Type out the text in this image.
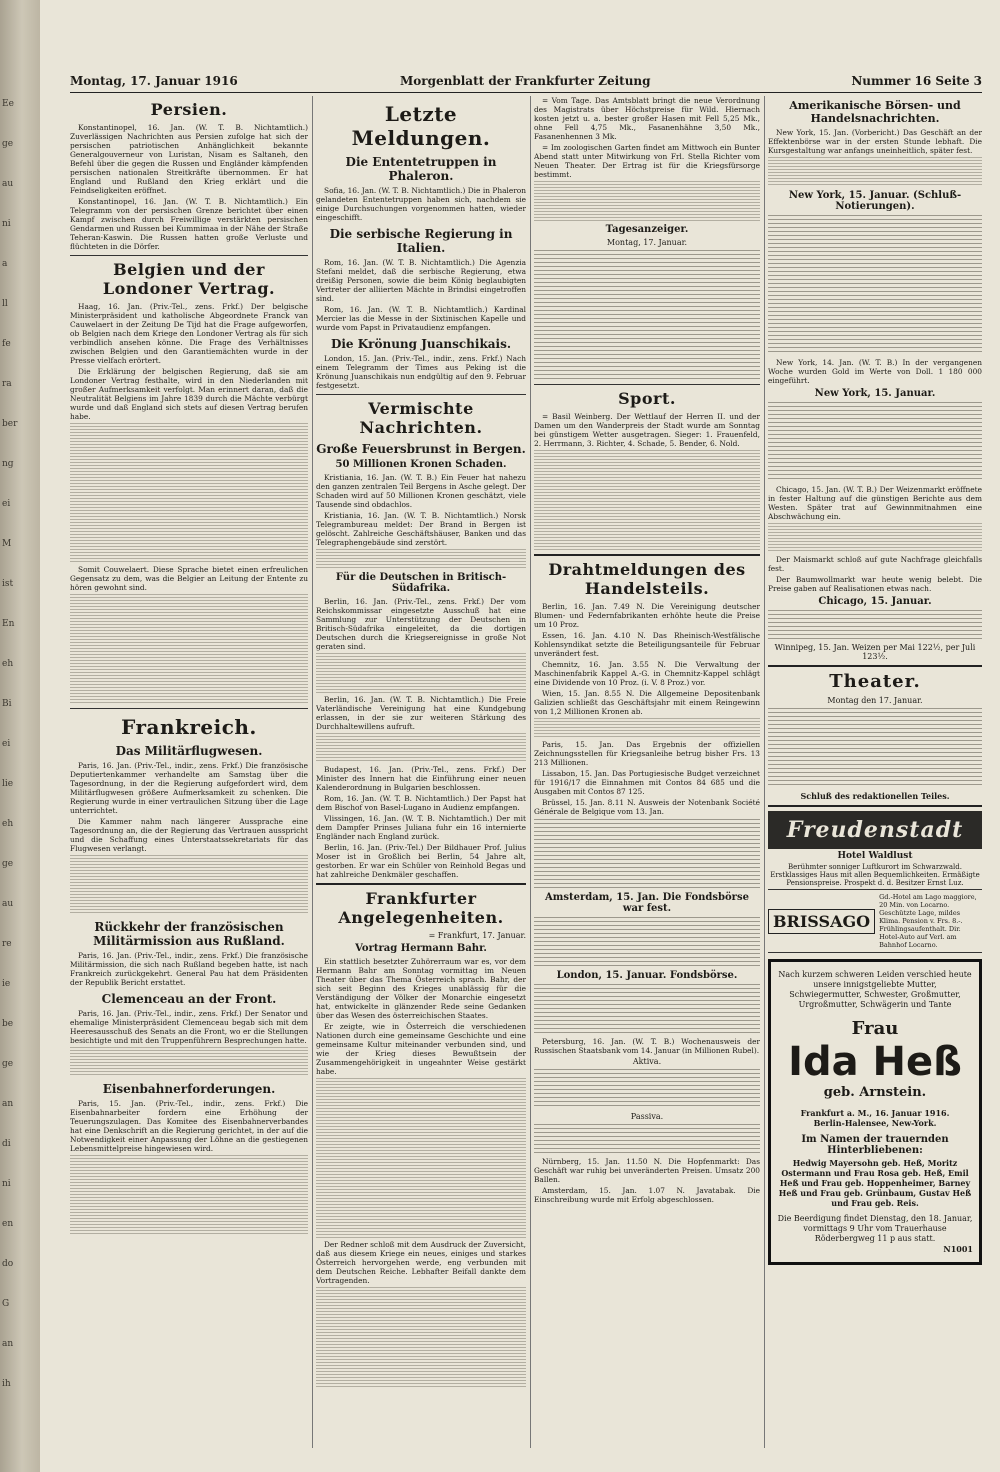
Ee
ge
au
ni
a
ll
fe
ra
ber
ng
ei
M
ist
En
eh
Bi
ei
lie
eh
ge
au
re
ie
be
ge
an
di
ni
en
do
G
an
ih
Montag, 17. Januar 1916	Morgenblatt der Frankfurter Zeitung	Nummer 16 Seite 3
Persien.

Konstantinopel, 16. Jan. (W. T. B. Nichtamtlich.) Zuverlässigen Nachrichten aus Persien zufolge hat sich der persischen patriotischen Anhänglichkeit bekannte Generalgouverneur von Luristan, Nisam es Saltaneh, den Befehl über die gegen die Russen und Engländer kämpfenden persischen nationalen Streitkräfte übernommen. Er hat England und Rußland den Krieg erklärt und die Feindseligkeiten eröffnet.

Konstantinopel, 16. Jan. (W. T. B. Nichtamtlich.) Ein Telegramm von der persischen Grenze berichtet über einen Kampf zwischen durch Freiwillige verstärkten persischen Gendarmen und Russen bei Kummimaa in der Nähe der Straße Teheran-Kaswin. Die Russen hatten große Verluste und flüchteten in die Dörfer.

Belgien und der Londoner Vertrag.

Haag, 16. Jan. (Priv.-Tel., zens. Frkf.) Der belgische Ministerpräsident und katholische Abgeordnete Franck van Cauwelaert in der Zeitung De Tijd hat die Frage aufgeworfen, ob Belgien nach dem Kriege den Londoner Vertrag als für sich verbindlich ansehen könne. Die Frage des Verhältnisses zwischen Belgien und den Garantiemächten wurde in der Presse vielfach erörtert.

Die Erklärung der belgischen Regierung, daß sie am Londoner Vertrag festhalte, wird in den Niederlanden mit großer Aufmerksamkeit verfolgt. Man erinnert daran, daß die Neutralität Belgiens im Jahre 1839 durch die Mächte verbürgt wurde und daß England sich stets auf diesen Vertrag berufen habe.

Somit Couwelaert. Diese Sprache bietet einen erfreulichen Gegensatz zu dem, was die Belgier an Leitung der Entente zu hören gewohnt sind.

Frankreich.
Das Militärflugwesen.

Paris, 16. Jan. (Priv.-Tel., indir., zens. Frkf.) Die französische Deputiertenkammer verhandelte am Samstag über die Tagesordnung, in der die Regierung aufgefordert wird, dem Militärflugwesen größere Aufmerksamkeit zu schenken. Die Regierung wurde in einer vertraulichen Sitzung über die Lage unterrichtet.

Die Kammer nahm nach längerer Aussprache eine Tagesordnung an, die der Regierung das Vertrauen ausspricht und die Schaffung eines Unterstaatssekretariats für das Flugwesen verlangt.

Rückkehr der französischen Militärmission aus Rußland.

Paris, 16. Jan. (Priv.-Tel., indir., zens. Frkf.) Die französische Militärmission, die sich nach Rußland begeben hatte, ist nach Frankreich zurückgekehrt. General Pau hat dem Präsidenten der Republik Bericht erstattet.

Clemenceau an der Front.

Paris, 16. Jan. (Priv.-Tel., indir., zens. Frkf.) Der Senator und ehemalige Ministerpräsident Clemenceau begab sich mit dem Heeresausschuß des Senats an die Front, wo er die Stellungen besichtigte und mit den Truppenführern Besprechungen hatte.

Eisenbahnerforderungen.

Paris, 15. Jan. (Priv.-Tel., indir., zens. Frkf.) Die Eisenbahnarbeiter fordern eine Erhöhung der Teuerungszulagen. Das Komitee des Eisenbahnerverbandes hat eine Denkschrift an die Regierung gerichtet, in der auf die Notwendigkeit einer Anpassung der Löhne an die gestiegenen Lebensmittelpreise hingewiesen wird.

Letzte Meldungen.
Die Ententetruppen in Phaleron.

Sofia, 16. Jan. (W. T. B. Nichtamtlich.) Die in Phaleron gelandeten Ententetruppen haben sich, nachdem sie einige Durchsuchungen vorgenommen hatten, wieder eingeschifft.

Die serbische Regierung in Italien.

Rom, 16. Jan. (W. T. B. Nichtamtlich.) Die Agenzia Stefani meldet, daß die serbische Regierung, etwa dreißig Personen, sowie die beim König beglaubigten Vertreter der alliierten Mächte in Brindisi eingetroffen sind.

Rom, 16. Jan. (W. T. B. Nichtamtlich.) Kardinal Mercier las die Messe in der Sixtinischen Kapelle und wurde vom Papst in Privataudienz empfangen.

Die Krönung Juanschikais.

London, 15. Jan. (Priv.-Tel., indir., zens. Frkf.) Nach einem Telegramm der Times aus Peking ist die Krönung Juanschikais nun endgültig auf den 9. Februar festgesetzt.

Vermischte Nachrichten.
Große Feuersbrunst in Bergen.
50 Millionen Kronen Schaden.

Kristiania, 16. Jan. (W. T. B.) Ein Feuer hat nahezu den ganzen zentralen Teil Bergens in Asche gelegt. Der Schaden wird auf 50 Millionen Kronen geschätzt, viele Tausende sind obdachlos.

Kristiania, 16. Jan. (W. T. B. Nichtamtlich.) Norsk Telegrambureau meldet: Der Brand in Bergen ist gelöscht. Zahlreiche Geschäftshäuser, Banken und das Telegraphengebäude sind zerstört.

Für die Deutschen in Britisch-Südafrika.

Berlin, 16. Jan. (Priv.-Tel., zens. Frkf.) Der vom Reichskommissar eingesetzte Ausschuß hat eine Sammlung zur Unterstützung der Deutschen in Britisch-Südafrika eingeleitet, da die dortigen Deutschen durch die Kriegsereignisse in große Not geraten sind.

Berlin, 16. Jan. (W. T. B. Nichtamtlich.) Die Freie Vaterländische Vereinigung hat eine Kundgebung erlassen, in der sie zur weiteren Stärkung des Durchhaltewillens aufruft.

Budapest, 16. Jan. (Priv.-Tel., zens. Frkf.) Der Minister des Innern hat die Einführung einer neuen Kalenderordnung in Bulgarien beschlossen.

Rom, 16. Jan. (W. T. B. Nichtamtlich.) Der Papst hat dem Bischof von Basel-Lugano in Audienz empfangen.

Vlissingen, 16. Jan. (W. T. B. Nichtamtlich.) Der mit dem Dampfer Prinses Juliana fuhr ein 16 internierte Engländer nach England zurück.

Berlin, 16. Jan. (Priv.-Tel.) Der Bildhauer Prof. Julius Moser ist in Großlich bei Berlin, 54 Jahre alt, gestorben. Er war ein Schüler von Reinhold Begas und hat zahlreiche Denkmäler geschaffen.

Frankfurter Angelegenheiten.
= Frankfurt, 17. Januar.
Vortrag Hermann Bahr.

Ein stattlich besetzter Zuhörerraum war es, vor dem Hermann Bahr am Sonntag vormittag im Neuen Theater über das Thema Österreich sprach. Bahr, der sich seit Beginn des Krieges unablässig für die Verständigung der Völker der Monarchie eingesetzt hat, entwickelte in glänzender Rede seine Gedanken über das Wesen des österreichischen Staates.

Er zeigte, wie in Österreich die verschiedenen Nationen durch eine gemeinsame Geschichte und eine gemeinsame Kultur miteinander verbunden sind, und wie der Krieg dieses Bewußtsein der Zusammengehörigkeit in ungeahnter Weise gestärkt habe.

Der Redner schloß mit dem Ausdruck der Zuversicht, daß aus diesem Kriege ein neues, einiges und starkes Österreich hervorgehen werde, eng verbunden mit dem Deutschen Reiche. Lebhafter Beifall dankte dem Vortragenden.

= Vom Tage. Das Amtsblatt bringt die neue Verordnung des Magistrats über Höchstpreise für Wild. Hiernach kosten jetzt u. a. bester großer Hasen mit Fell 5,25 Mk., ohne Fell 4,75 Mk., Fasanenhähne 3,50 Mk., Fasanenhennen 3 Mk.

= Im zoologischen Garten findet am Mittwoch ein Bunter Abend statt unter Mitwirkung von Frl. Stella Richter vom Neuen Theater. Der Ertrag ist für die Kriegsfürsorge bestimmt.

Tagesanzeiger.
Montag, 17. Januar.
Sport.

= Basil Weinberg. Der Wettlauf der Herren II. und der Damen um den Wanderpreis der Stadt wurde am Sonntag bei günstigem Wetter ausgetragen. Sieger: 1. Frauenfeld, 2. Herrmann, 3. Richter, 4. Schade, 5. Bender, 6. Nold.

Drahtmeldungen des Handelsteils.

Berlin, 16. Jan. 7.49 N. Die Vereinigung deutscher Blumen- und Federnfabrikanten erhöhte heute die Preise um 10 Proz.

Essen, 16. Jan. 4.10 N. Das Rheinisch-Westfälische Kohlensyndikat setzte die Beteiligungsanteile für Februar unverändert fest.

Chemnitz, 16. Jan. 3.55 N. Die Verwaltung der Maschinenfabrik Kappel A.-G. in Chemnitz-Kappel schlägt eine Dividende von 10 Proz. (i. V. 8 Proz.) vor.

Wien, 15. Jan. 8.55 N. Die Allgemeine Depositenbank Galizien schließt das Geschäftsjahr mit einem Reingewinn von 1,2 Millionen Kronen ab.

Paris, 15. Jan. Das Ergebnis der offiziellen Zeichnungsstellen für Kriegsanleihe betrug bisher Frs. 13 213 Millionen.

Lissabon, 15. Jan. Das Portugiesische Budget verzeichnet für 1916/17 die Einnahmen mit Contos 84 685 und die Ausgaben mit Contos 87 125.

Brüssel, 15. Jan. 8.11 N. Ausweis der Notenbank Société Générale de Belgique vom 13. Jan.

Amsterdam, 15. Jan. Die Fondsbörse war fest.
London, 15. Januar. Fondsbörse.

Petersburg, 16. Jan. (W. T. B.) Wochenausweis der Russischen Staatsbank vom 14. Januar (in Millionen Rubel).

Aktiva.
Passiva.

Nürnberg, 15. Jan. 11.50 N. Die Hopfenmarkt: Das Geschäft war ruhig bei unveränderten Preisen. Umsatz 200 Ballen.

Amsterdam, 15. Jan. 1.07 N. Javatabak. Die Einschreibung wurde mit Erfolg abgeschlossen.

Amerikanische Börsen- und Handelsnachrichten.

New York, 15. Jan. (Vorbericht.) Das Geschäft an der Effektenbörse war in der ersten Stunde lebhaft. Die Kursgestaltung war anfangs uneinheitlich, später fest.

New York, 15. Januar. (Schluß-Notierungen).

New York, 14. Jan. (W. T. B.) In der vergangenen Woche wurden Gold im Werte von Doll. 1 180 000 eingeführt.

New York, 15. Januar.

Chicago, 15. Jan. (W. T. B.) Der Weizenmarkt eröffnete in fester Haltung auf die günstigen Berichte aus dem Westen. Später trat auf Gewinnmitnahmen eine Abschwächung ein.

Der Maismarkt schloß auf gute Nachfrage gleichfalls fest.

Der Baumwollmarkt war heute wenig belebt. Die Preise gaben auf Realisationen etwas nach.

Chicago, 15. Januar.
Winnipeg, 15. Jan. Weizen per Mai 122½, per Juli 123½.
Theater.
Montag den 17. Januar.
Schluß des redaktionellen Teiles.
Freudenstadt
Hotel Waldlust
Berühmter sonniger Luftkurort im Schwarzwald. Erstklassiges Haus mit allen Bequemlichkeiten. Ermäßigte Pensionspreise. Prospekt d. d. Besitzer Ernst Luz.
BRISSAGO
Gd.-Hotel am Lago maggiore, 20 Min. von Locarno. Geschützte Lage, mildes Klima. Pension v. Frs. 8.-. Frühlingsaufenthalt. Dir. Hotel-Auto auf Verl. am Bahnhof Locarno.
Nach kurzem schweren Leiden verschied heute unsere innigstgeliebte Mutter, Schwiegermutter, Schwester, Großmutter, Urgroßmutter, Schwägerin und Tante
Frau
Ida Heß
geb. Arnstein.
Frankfurt a. M., 16. Januar 1916.
Berlin-Halensee, New-York.
Im Namen der trauernden Hinterbliebenen:
Hedwig Mayersohn geb. Heß, Moritz Ostermann und Frau Rosa geb. Heß, Emil Heß und Frau geb. Hoppenheimer, Barney Heß und Frau geb. Grünbaum, Gustav Heß und Frau geb. Reis.
Die Beerdigung findet Dienstag, den 18. Januar, vormittags 9 Uhr vom Trauerhause Röderbergweg 11 p aus statt.
N1001
